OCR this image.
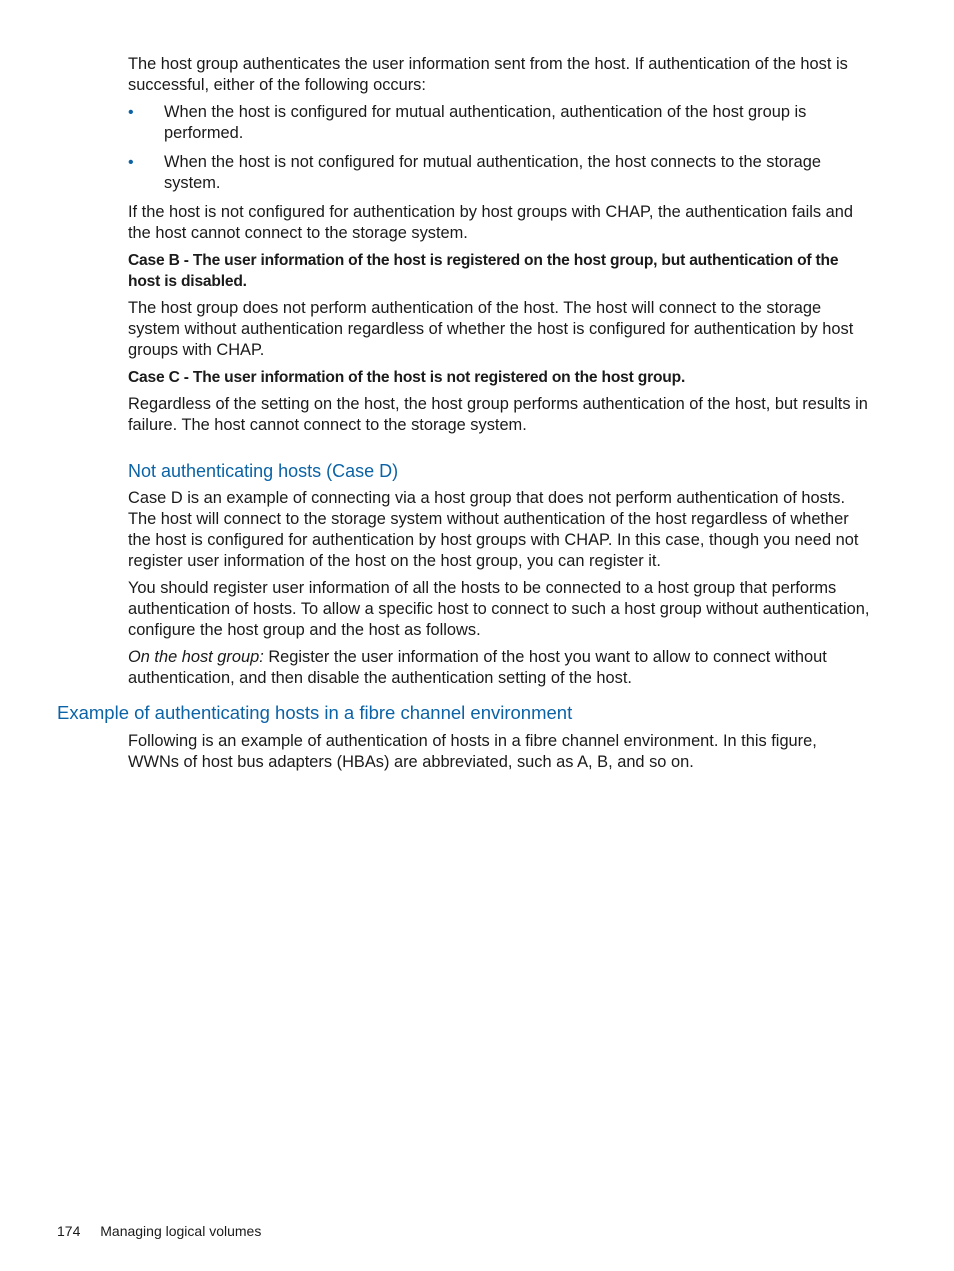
The host group authenticates the user information sent from the host. If authentication of the host is successful, either of the following occurs:

• When the host is configured for mutual authentication, authentication of the host group is performed.
• When the host is not configured for mutual authentication, the host connects to the storage system.

If the host is not configured for authentication by host groups with CHAP, the authentication fails and the host cannot connect to the storage system.

Case B - The user information of the host is registered on the host group, but authentication of the host is disabled.

The host group does not perform authentication of the host. The host will connect to the storage system without authentication regardless of whether the host is configured for authentication by host groups with CHAP.

Case C - The user information of the host is not registered on the host group.

Regardless of the setting on the host, the host group performs authentication of the host, but results in failure. The host cannot connect to the storage system.

Not authenticating hosts (Case D)

Case D is an example of connecting via a host group that does not perform authentication of hosts. The host will connect to the storage system without authentication of the host regardless of whether the host is configured for authentication by host groups with CHAP. In this case, though you need not register user information of the host on the host group, you can register it.

You should register user information of all the hosts to be connected to a host group that performs authentication of hosts. To allow a specific host to connect to such a host group without authentication, configure the host group and the host as follows.

On the host group: Register the user information of the host you want to allow to connect without authentication, and then disable the authentication setting of the host.

Example of authenticating hosts in a fibre channel environment

Following is an example of authentication of hosts in a fibre channel environment. In this figure, WWNs of host bus adapters (HBAs) are abbreviated, such as A, B, and so on.

174 Managing logical volumes
